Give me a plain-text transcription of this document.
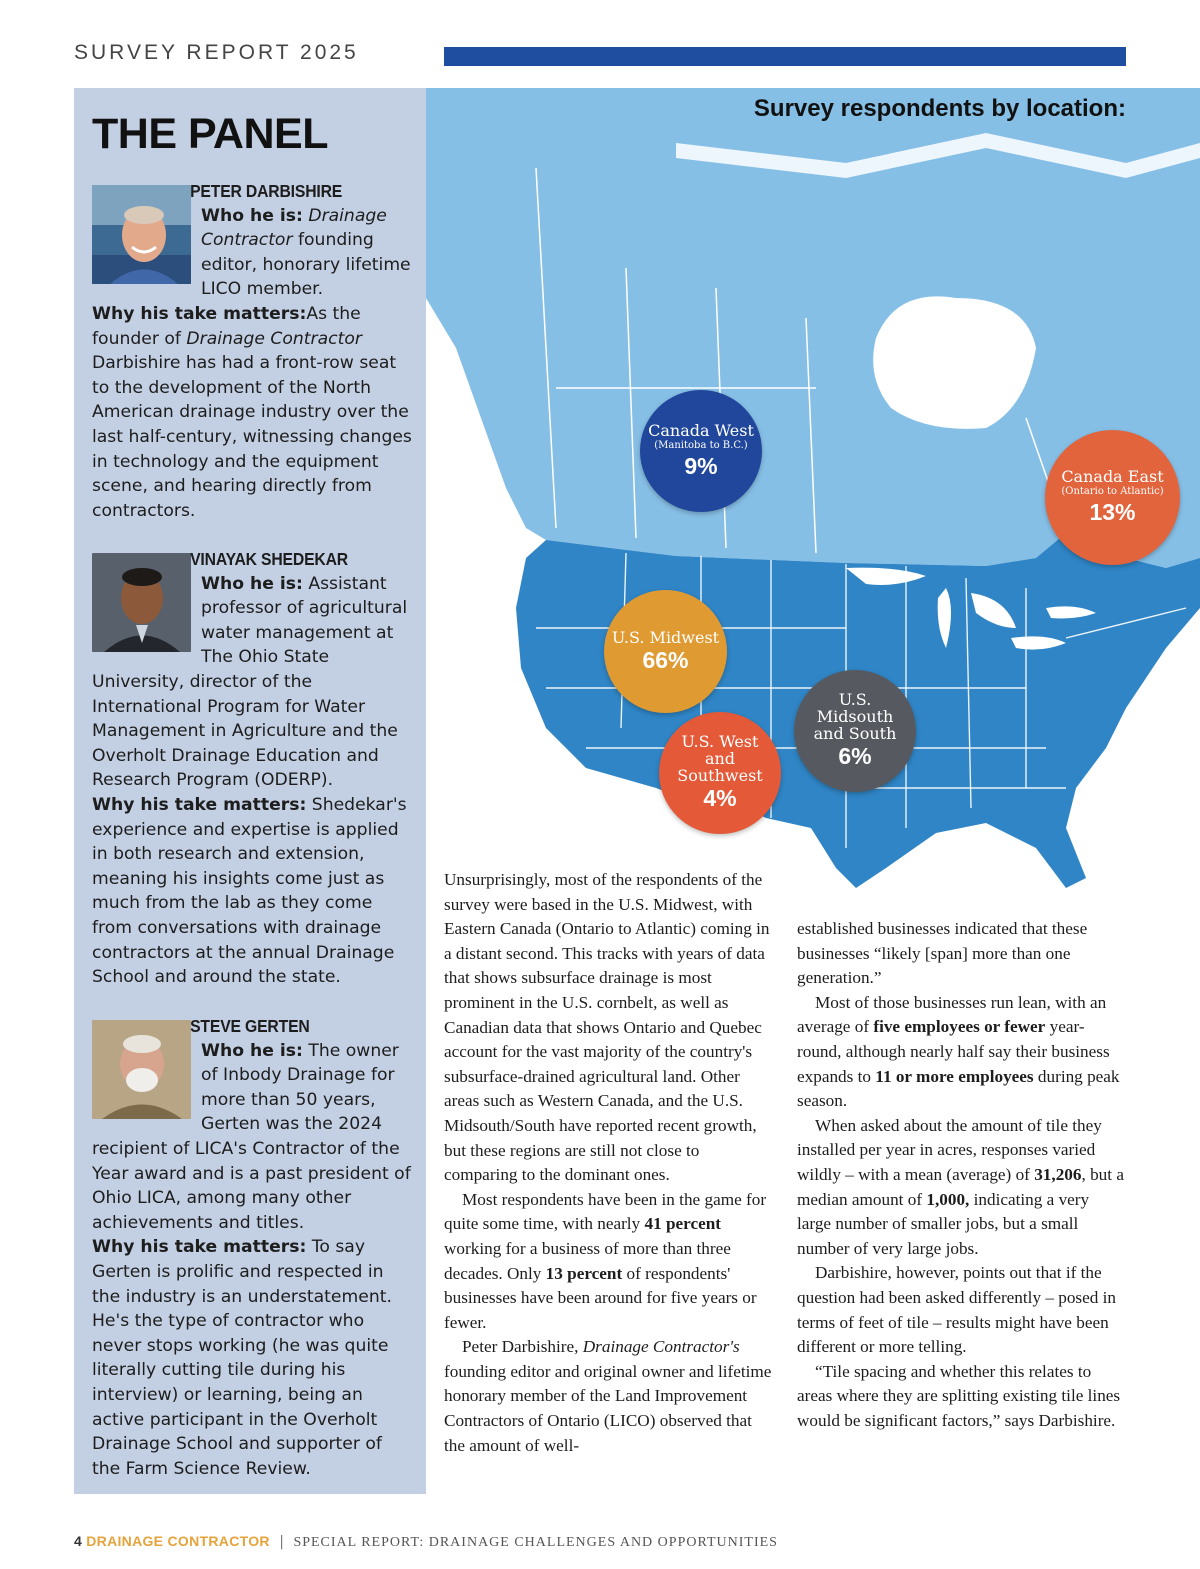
SURVEY REPORT 2025
THE PANEL
PETER DARBISHIRE
Who he is: Drainage Contractor founding editor, honorary lifetime LICO member.
Why his take matters:As the founder of Drainage Contractor Darbishire has had a front-row seat to the development of the North American drainage industry over the last half-century, witnessing changes in technology and the equipment scene, and hearing directly from contractors.
VINAYAK SHEDEKAR
Who he is: Assistant professor of agricultural water management at The Ohio State University, director of the International Program for Water Management in Agriculture and the Overholt Drainage Education and Research Program (ODERP).
Why his take matters: Shedekar's experience and expertise is applied in both research and extension, meaning his insights come just as much from the lab as they come from conversations with drainage contractors at the annual Drainage School and around the state.
STEVE GERTEN
Who he is: The owner of Inbody Drainage for more than 50 years, Gerten was the 2024 recipient of LICA's Contractor of the Year award and is a past president of Ohio LICA, among many other achievements and titles.
Why his take matters: To say Gerten is prolific and respected in the industry is an understatement. He's the type of contractor who never stops working (he was quite literally cutting tile during his interview) or learning, being an active participant in the Overholt Drainage School and supporter of the Farm Science Review.
Survey respondents by location:
Canada West
(Manitoba to B.C.)
9%	Canada East
(Ontario to Atlantic)
13%
U.S. Midwest
66%
U.S. Midsouth and South
6%
U.S. West and Southwest
4%

Unsurprisingly, most of the respondents of the survey were based in the U.S. Midwest, with Eastern Canada (Ontario to Atlantic) coming in a distant second. This tracks with years of data that shows subsurface drainage is most prominent in the U.S. cornbelt, as well as Canadian data that shows Ontario and Quebec account for the vast majority of the country's subsurface-drained agricultural land. Other areas such as Western Canada, and the U.S. Midsouth/South have reported recent growth, but these regions are still not close to comparing to the dominant ones.

Most respondents have been in the game for quite some time, with nearly 41 percent working for a business of more than three decades. Only 13 percent of respondents' businesses have been around for five years or fewer.

Peter Darbishire, Drainage Contractor's founding editor and original owner and lifetime honorary member of the Land Improvement Contractors of Ontario (LICO) observed that the amount of well-

established businesses indicated that these businesses “likely [span] more than one generation.”

Most of those businesses run lean, with an average of five employees or fewer year-round, although nearly half say their business expands to 11 or more employees during peak season.

When asked about the amount of tile they installed per year in acres, responses varied wildly – with a mean (average) of 31,206, but a median amount of 1,000, indicating a very large number of smaller jobs, but a small number of very large jobs.

Darbishire, however, points out that if the question had been asked differently – posed in terms of feet of tile – results might have been different or more telling.

“Tile spacing and whether this relates to areas where they are splitting existing tile lines would be significant factors,” says Darbishire.

4 DRAINAGE CONTRACTOR | SPECIAL REPORT: DRAINAGE CHALLENGES AND OPPORTUNITIES
